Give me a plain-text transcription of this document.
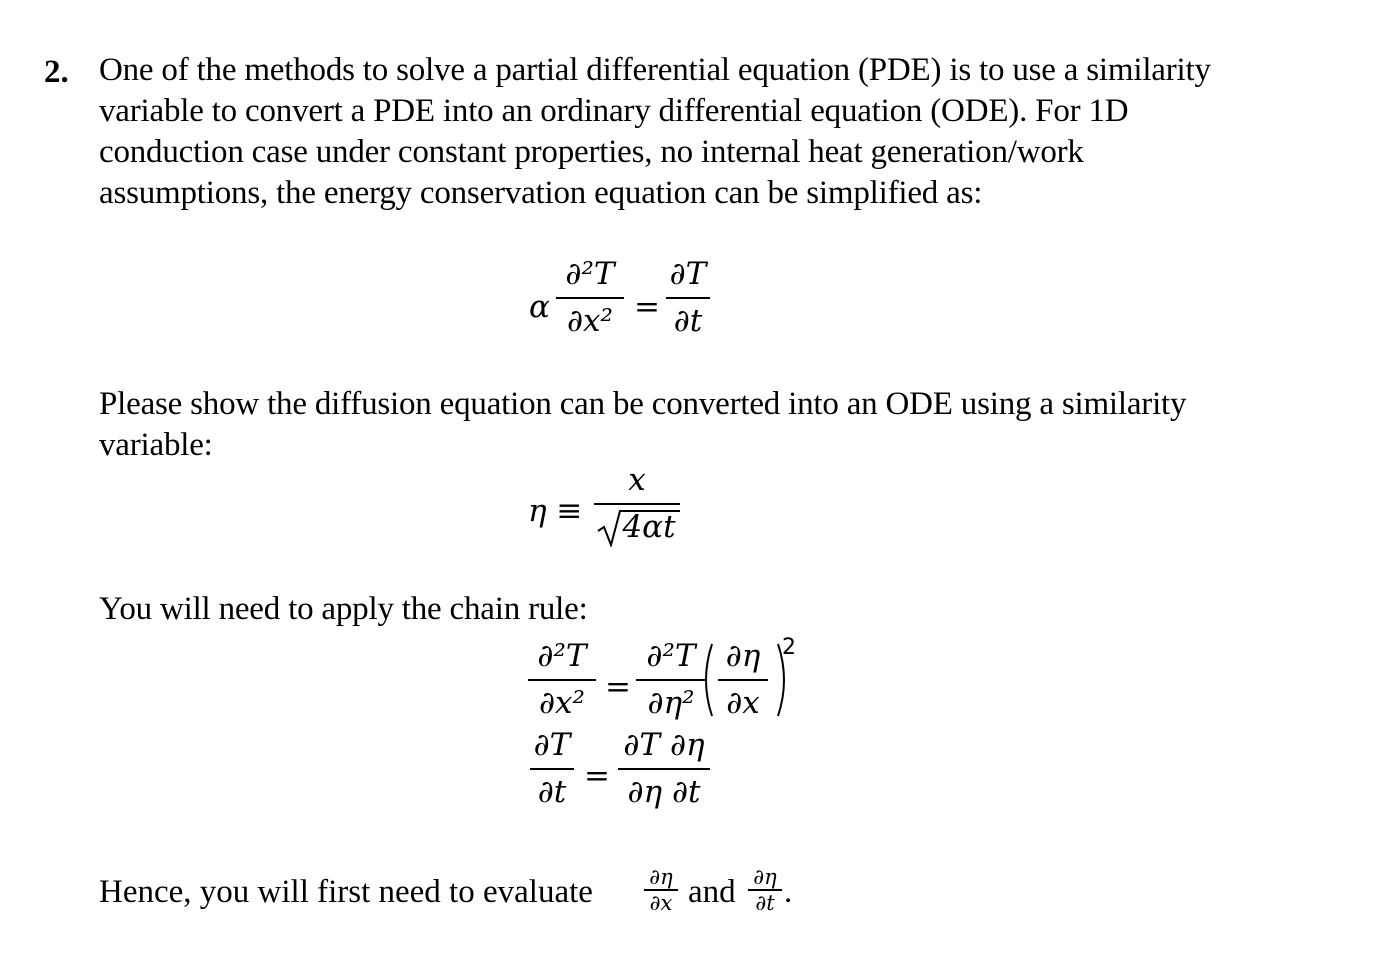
2. One of the methods to solve a partial differential equation (PDE) is to use a similarity
variable to convert a PDE into an ordinary differential equation (ODE). For 1D
conduction case under constant properties, no internal heat generation/work
assumptions, the energy conservation equation can be simplified as:
α
∂²T
∂x² =
∂T
∂t
Please show the diffusion equation can be converted into an ODE using a similarity
variable:
η ≡
x
4αt
You will need to apply the chain rule:
∂²T
∂x² =
∂²T
∂η²
∂η
∂x
2
∂T
∂t =
∂T ∂η
∂η ∂t
Hence, you will first need to evaluate	∂η
∂x and ∂η
∂t .
